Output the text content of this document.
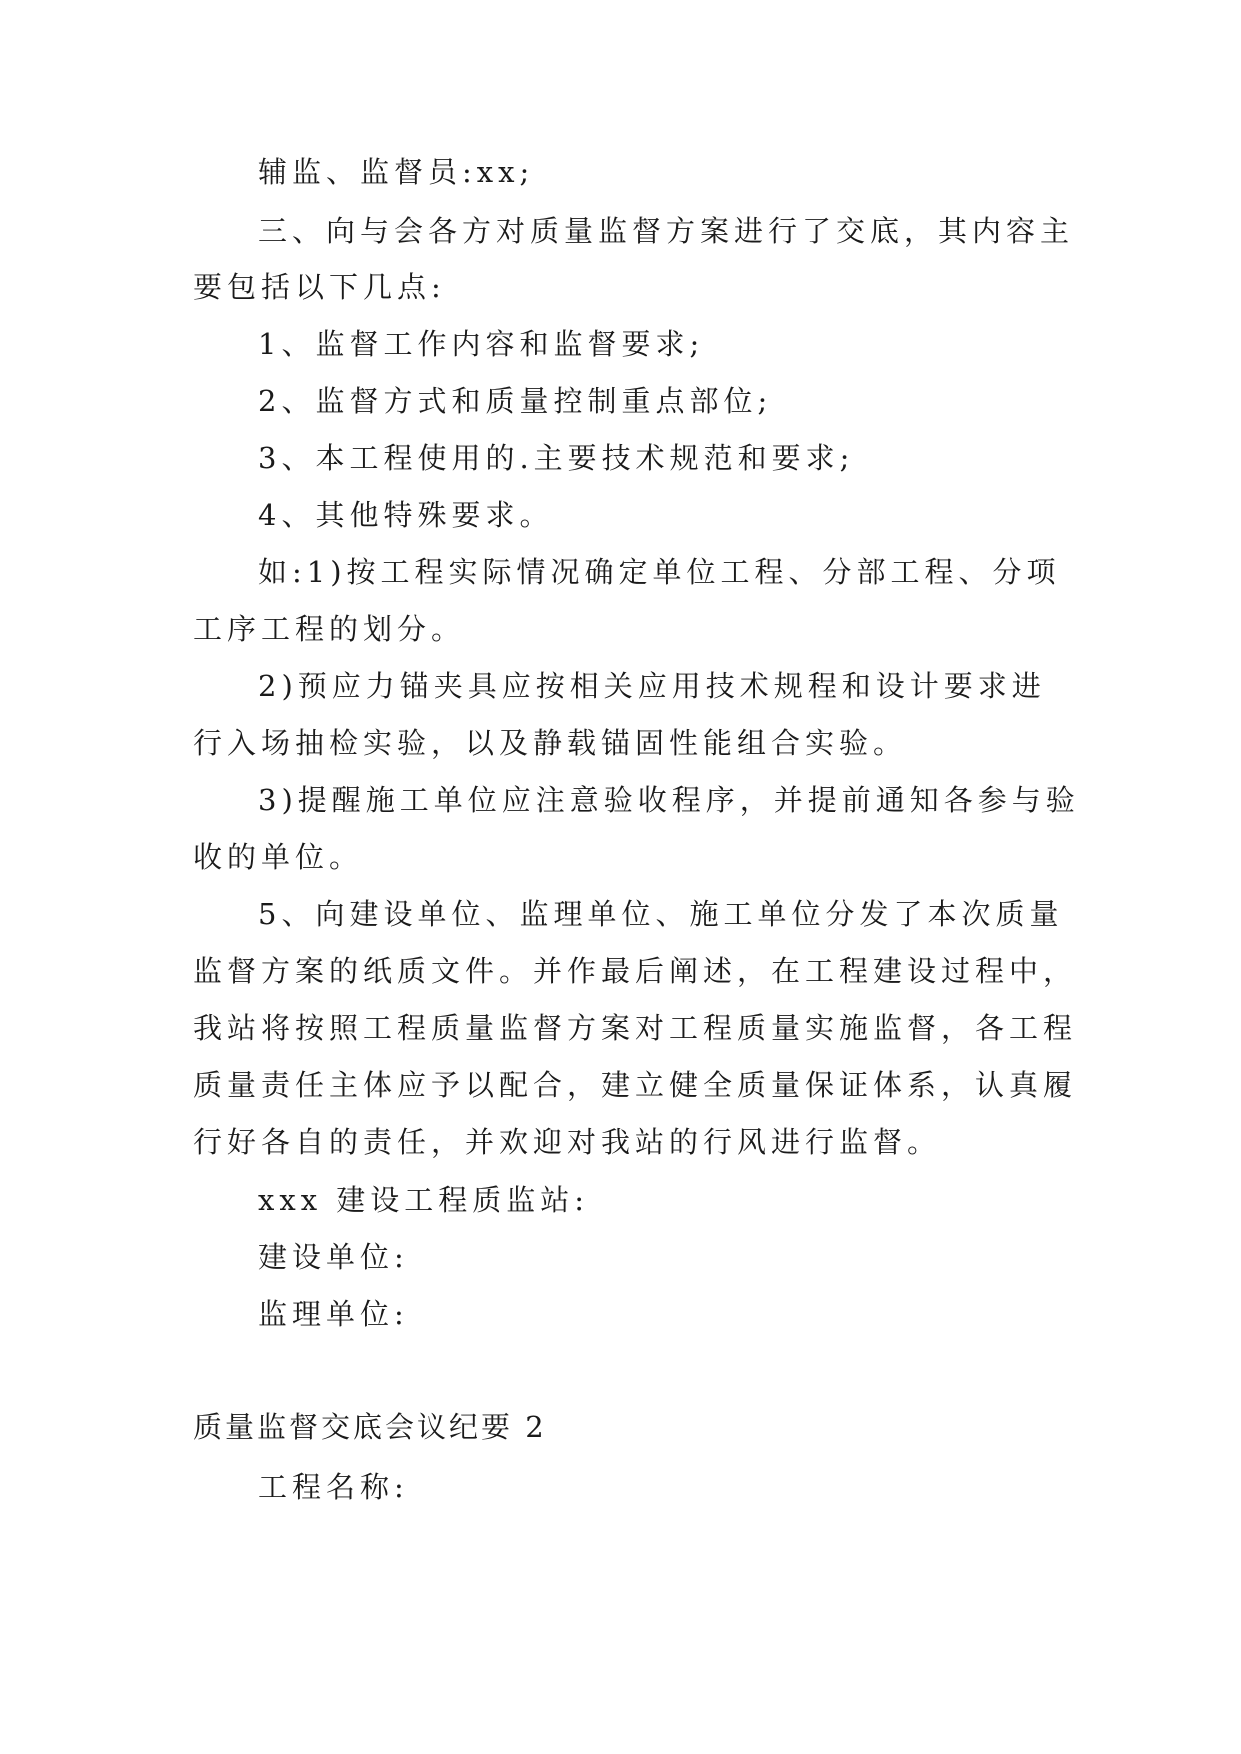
辅监、监督员:xx;
三、向与会各方对质量监督方案进行了交底，其内容主
要包括以下几点:
1、监督工作内容和监督要求;
2、监督方式和质量控制重点部位;
3、本工程使用的.主要技术规范和要求;
4、其他特殊要求。
如:1)按工程实际情况确定单位工程、分部工程、分项
工序工程的划分。
2)预应力锚夹具应按相关应用技术规程和设计要求进
行入场抽检实验，以及静载锚固性能组合实验。
3)提醒施工单位应注意验收程序，并提前通知各参与验
收的单位。
5、向建设单位、监理单位、施工单位分发了本次质量
监督方案的纸质文件。并作最后阐述，在工程建设过程中，
我站将按照工程质量监督方案对工程质量实施监督，各工程
质量责任主体应予以配合，建立健全质量保证体系，认真履
行好各自的责任，并欢迎对我站的行风进行监督。
xxx 建设工程质监站:
建设单位:
监理单位:
质量监督交底会议纪要 2
工程名称:
